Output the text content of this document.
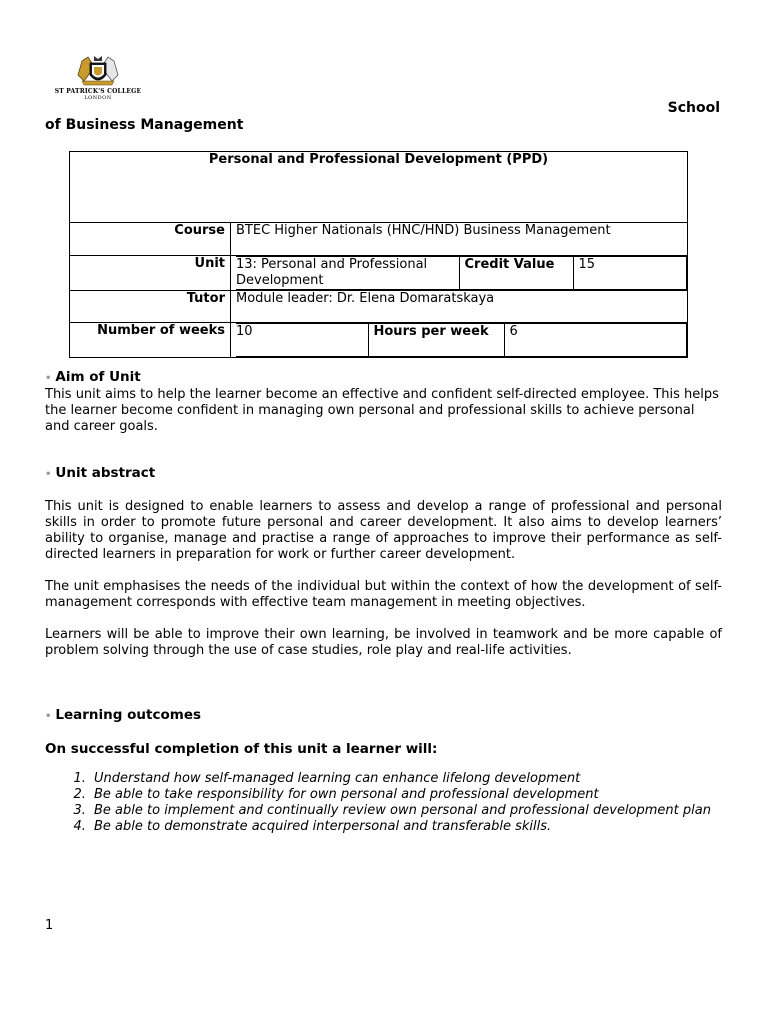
ST PATRICK'S COLLEGE
LONDON
School
of Business Management
Personal and Professional Development (PPD)
Course	BTEC Higher Nationals (HNC/HND) Business Management
Unit	13: Personal and Professional Development	Credit Value	15

Tutor	Module leader: Dr. Elena Domaratskaya
Number of weeks	10	Hours per week	6
• Aim of Unit
This unit aims to help the learner become an effective and confident self-directed employee. This helps the learner become confident in managing own personal and professional skills to achieve personal and career goals.
• Unit abstract
This unit is designed to enable learners to assess and develop a range of professional and personal skills in order to promote future personal and career development. It also aims to develop learners’ ability to organise, manage and practise a range of approaches to improve their performance as self-directed learners in preparation for work or further career development.
The unit emphasises the needs of the individual but within the context of how the development of self-management corresponds with effective team management in meeting objectives.
Learners will be able to improve their own learning, be involved in teamwork and be more capable of problem solving through the use of case studies, role play and real-life activities.
• Learning outcomes
On successful completion of this unit a learner will:
1. Understand how self-managed learning can enhance lifelong development
2. Be able to take responsibility for own personal and professional development
3. Be able to implement and continually review own personal and professional development plan
4. Be able to demonstrate acquired interpersonal and transferable skills.
1
